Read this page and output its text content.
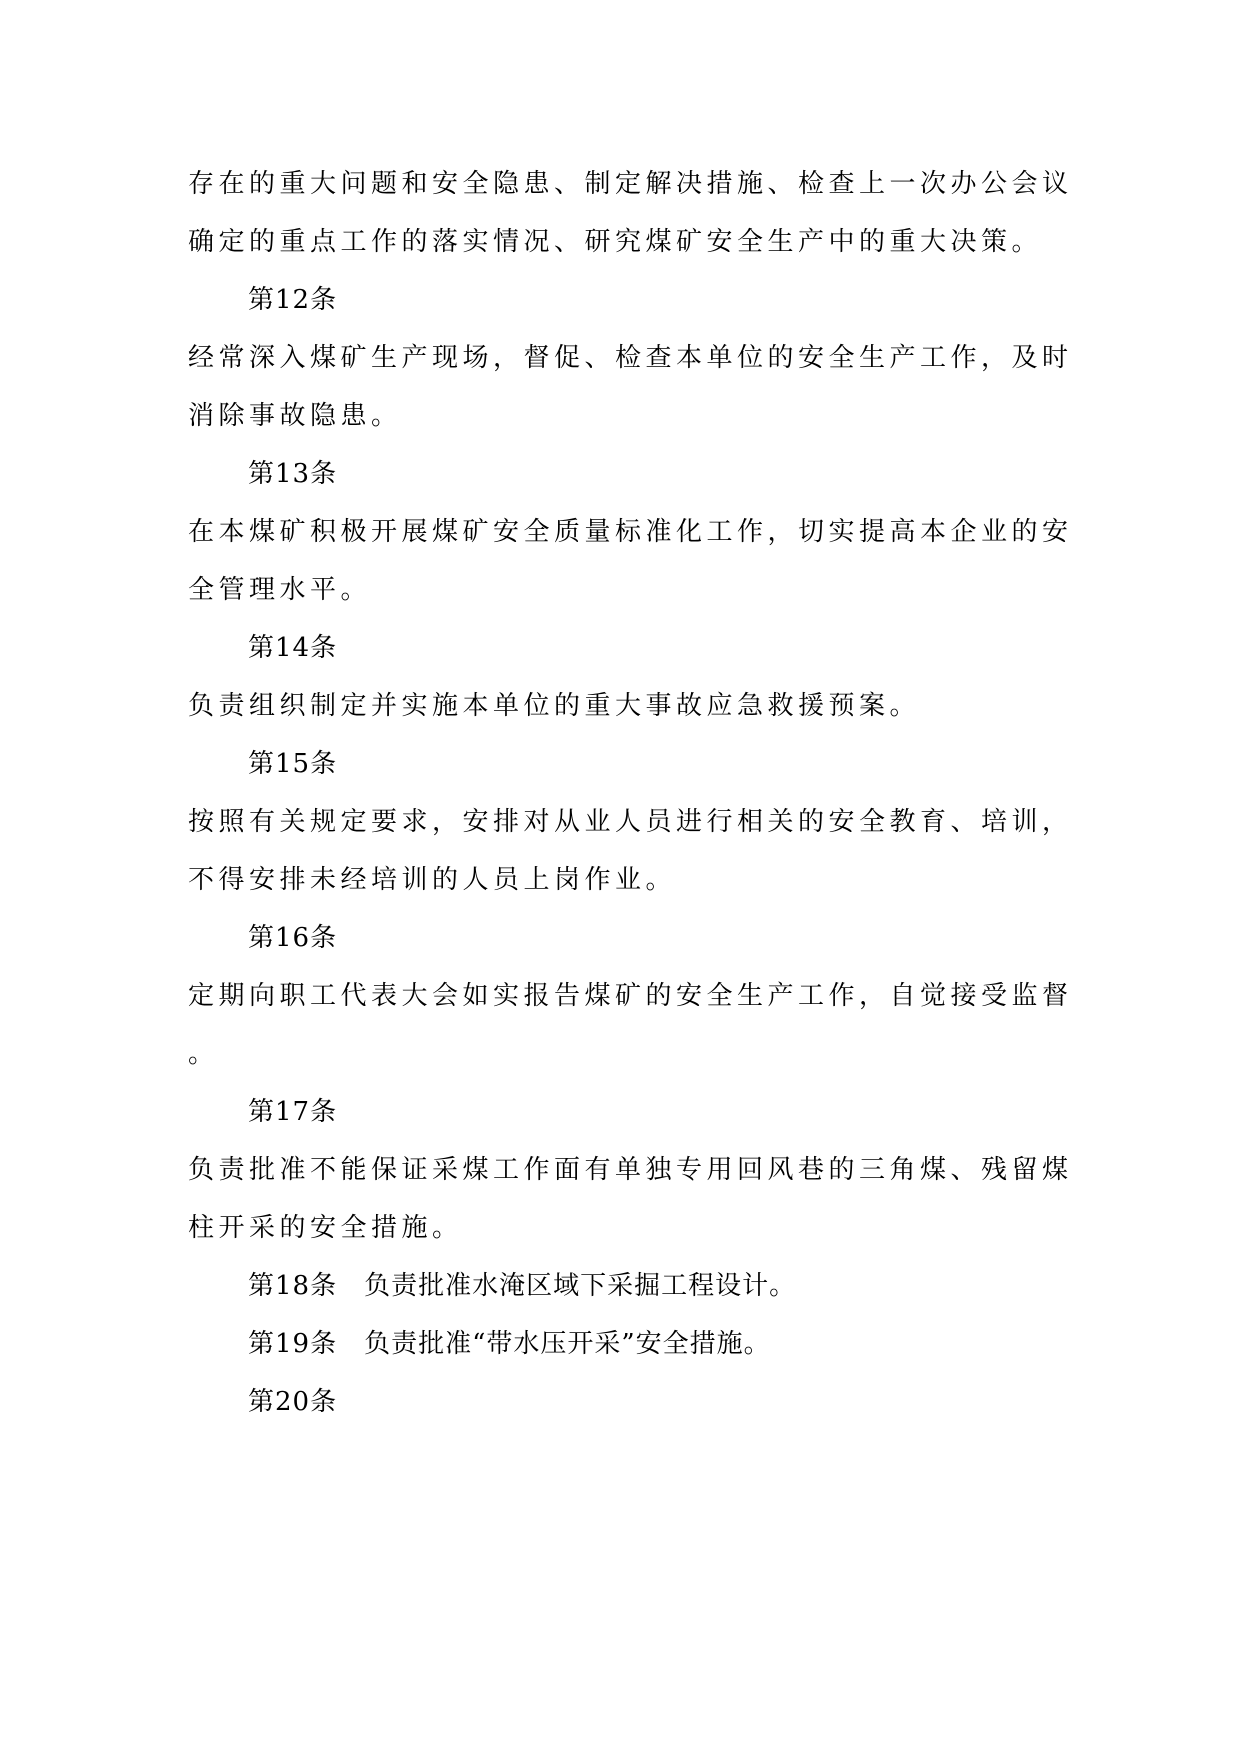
存在的重大问题和安全隐患、制定解决措施、检查上一次办公会议
确定的重点工作的落实情况、研究煤矿安全生产中的重大决策。
第12条
经常深入煤矿生产现场，督促、检查本单位的安全生产工作，及时
消除事故隐患。
第13条
在本煤矿积极开展煤矿安全质量标准化工作，切实提高本企业的安
全管理水平。
第14条
负责组织制定并实施本单位的重大事故应急救援预案。
第15条
按照有关规定要求，安排对从业人员进行相关的安全教育、培训，
不得安排未经培训的人员上岗作业。
第16条
定期向职工代表大会如实报告煤矿的安全生产工作，自觉接受监督
。
第17条
负责批准不能保证采煤工作面有单独专用回风巷的三角煤、残留煤
柱开采的安全措施。
第18条　负责批准水淹区域下采掘工程设计。
第19条　负责批准“带水压开采”安全措施。
第20条
